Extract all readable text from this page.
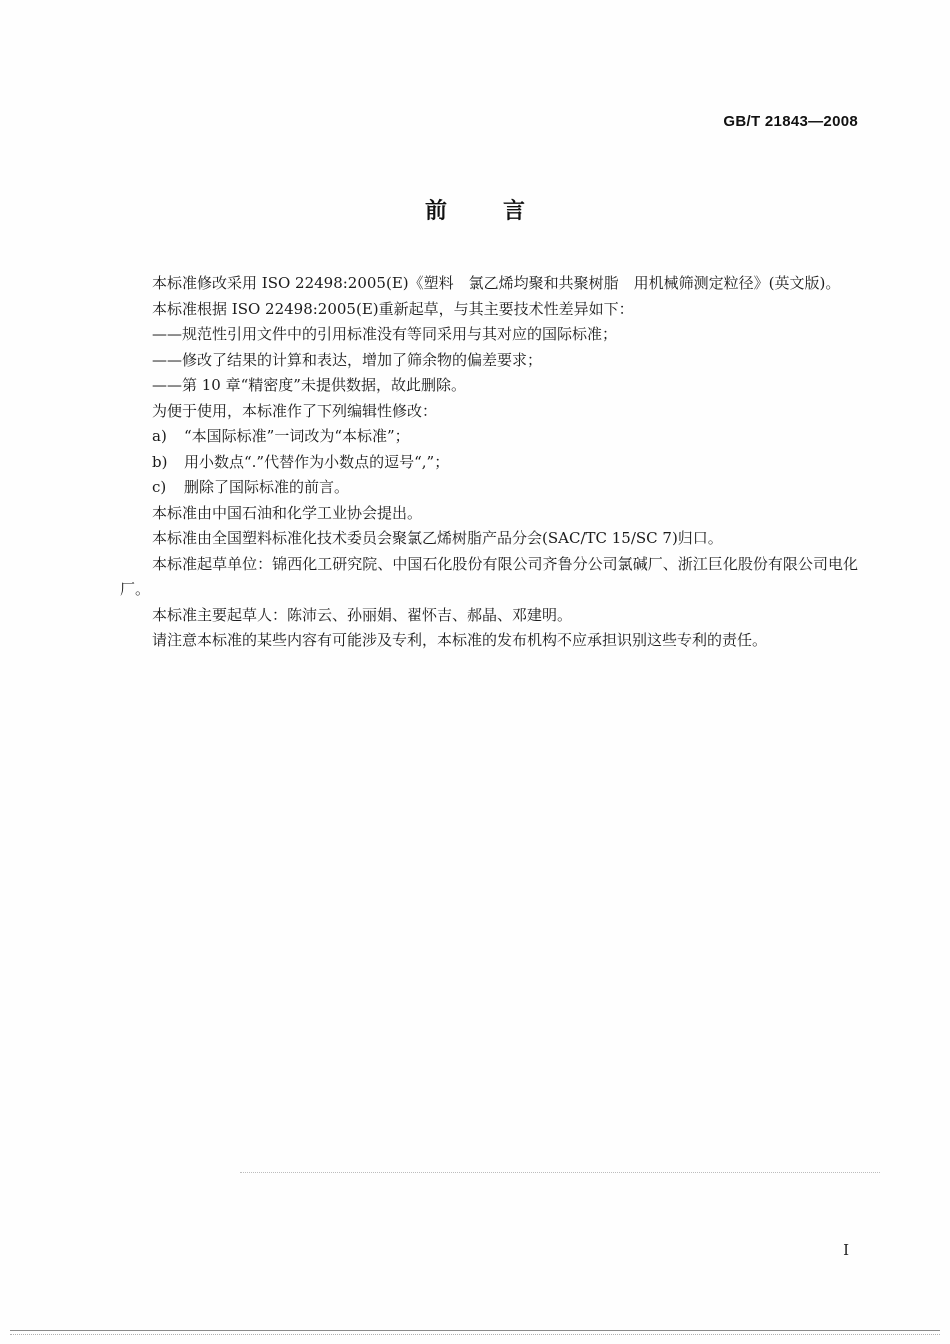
GB/T 21843—2008
前言

本标准修改采用 ISO 22498:2005(E)《塑料　氯乙烯均聚和共聚树脂　用机械筛测定粒径》(英文版)。

本标准根据 ISO 22498:2005(E)重新起草，与其主要技术性差异如下：

——规范性引用文件中的引用标准没有等同采用与其对应的国际标准；

——修改了结果的计算和表达，增加了筛余物的偏差要求；

——第 10 章“精密度”未提供数据，故此删除。

为便于使用，本标准作了下列编辑性修改：

a) “本国际标准”一词改为“本标准”；

b) 用小数点“.”代替作为小数点的逗号“,”；

c) 删除了国际标准的前言。

本标准由中国石油和化学工业协会提出。

本标准由全国塑料标准化技术委员会聚氯乙烯树脂产品分会(SAC/TC 15/SC 7)归口。

本标准起草单位：锦西化工研究院、中国石化股份有限公司齐鲁分公司氯碱厂、浙江巨化股份有限公司电化厂。

本标准主要起草人：陈沛云、孙丽娟、翟怀吉、郝晶、邓建明。

请注意本标准的某些内容有可能涉及专利，本标准的发布机构不应承担识别这些专利的责任。

I
